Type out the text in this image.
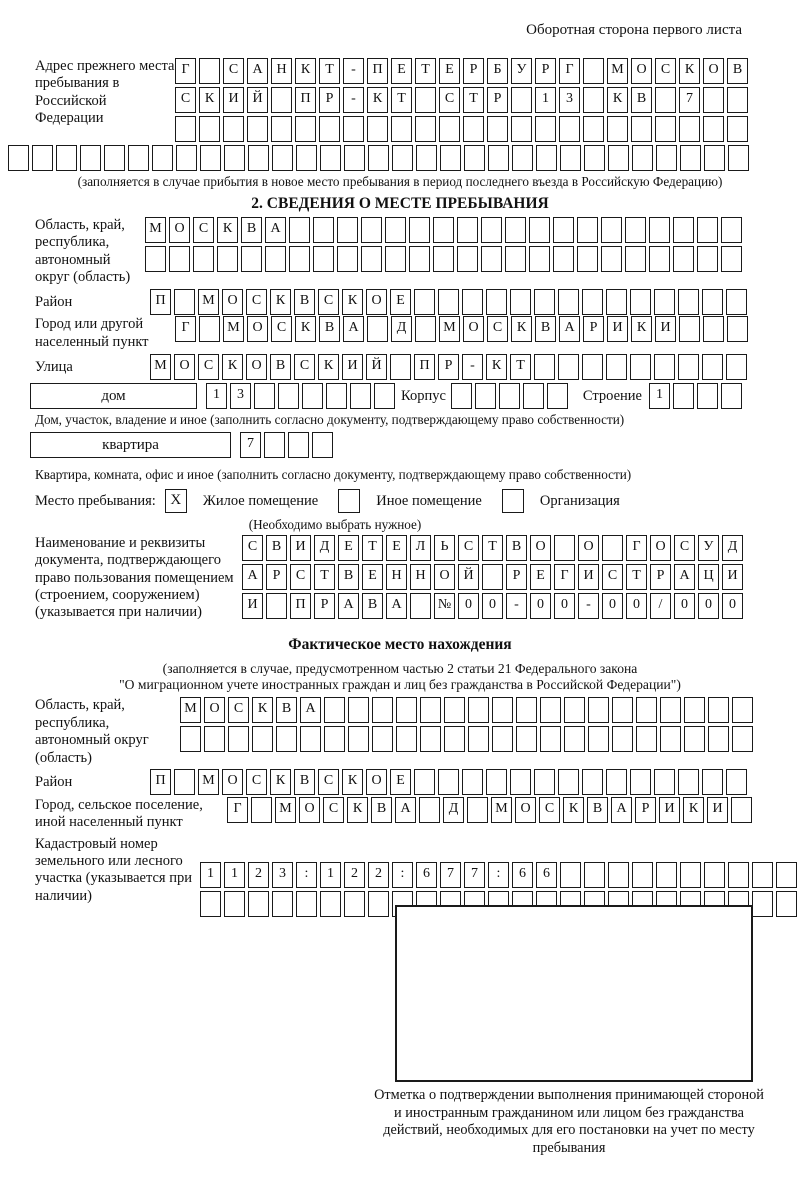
Оборотная сторона первого листа
Адрес прежнего места пребывания в Российской Федерации
Г	С	А Н	К	Т	-	П	Е	Т	Е	Р	Б	У	Р	Г	М О	С	К	О	В
С	К	И Й	П	Р	-	К	Т	С	Т	Р	1	3	К	В	7
(заполняется в случае прибытия в новое место пребывания в период последнего въезда в Российскую Федерацию)
2. СВЕДЕНИЯ О МЕСТЕ ПРЕБЫВАНИЯ
Область, край, республика, автономный округ (область)
М О	С	К	В	А
Район	П	М О	С	К	В	С	К	О	Е
Город или другой населенный пункт
Г	М О	С	К	В	А	Д	М О	С	К	В	А	Р	И	К	И
Улица	М О	С	К	О	В	С	К	И Й	П	Р	-	К	Т
дом	1	3	Корпус	Строение	1
Дом, участок, владение и иное (заполнить согласно документу, подтверждающему право собственности)
квартира	7
Квартира, комната, офис и иное (заполнить согласно документу, подтверждающему право собственности)
Место пребывания: X	Жилое помещение	Иное помещение	Организация
(Необходимо выбрать нужное)
Наименование и реквизиты документа, подтверждающего право пользования помещением (строением, сооружением) (указывается при наличии)
С	В	И	Д	Е	Т	Е	Л	Ь	С	Т	В	О	О	Г	О	С	У	Д
А	Р	С	Т	В	Е	Н Н О Й	Р	Е	Г	И	С	Т	Р	А Ц И
И	П	Р	А	В	А	№ 0	0	-	0	0	-	0	0	/	0	0	0
Фактическое место нахождения
(заполняется в случае, предусмотренном частью 2 статьи 21 Федерального закона
"О миграционном учете иностранных граждан и лиц без гражданства в Российской Федерации")
Область, край, республика, автономный округ (область)
М О	С	К	В	А
Район	П	М О	С	К	В	С	К	О	Е
Город, сельское поселение, иной населенный пункт
Г	М О	С	К	В	А	Д	М О	С	К	В	А	Р	И	К	И
Кадастровый номер земельного или лесного участка (указывается при наличии)
1	1	2	3	:	1	2	2	:	6	7	7	:	6	6
Отметка о подтверждении выполнения принимающей стороной и иностранным гражданином или лицом без гражданства действий, необходимых для его постановки на учет по месту пребывания
